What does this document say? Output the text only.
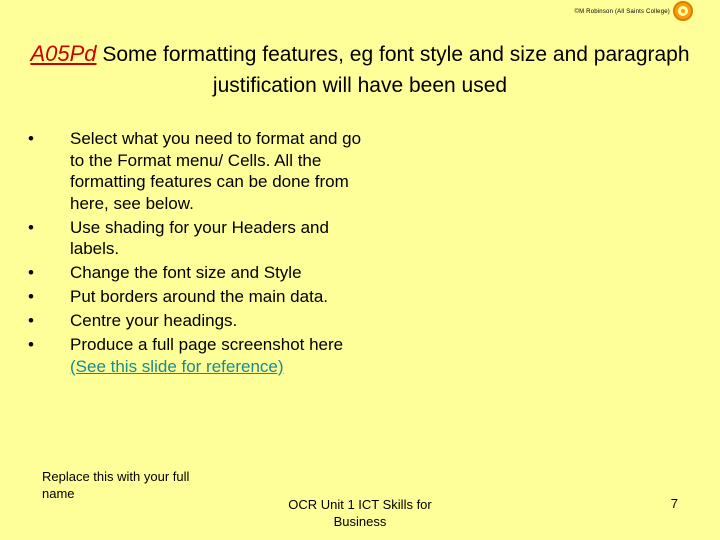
©M Robinson (All Saints College)
A05Pd Some formatting features, eg font style and size and paragraph justification will have been used
• Select what you need to format and go to the Format menu/ Cells. All the formatting features can be done from here, see below.
• Use shading for your Headers and labels.
• Change the font size and Style
• Put borders around the main data.
• Centre your headings.
• Produce a full page screenshot here (See this slide for reference)
Replace this with your full name
OCR Unit 1 ICT Skills for Business
7
